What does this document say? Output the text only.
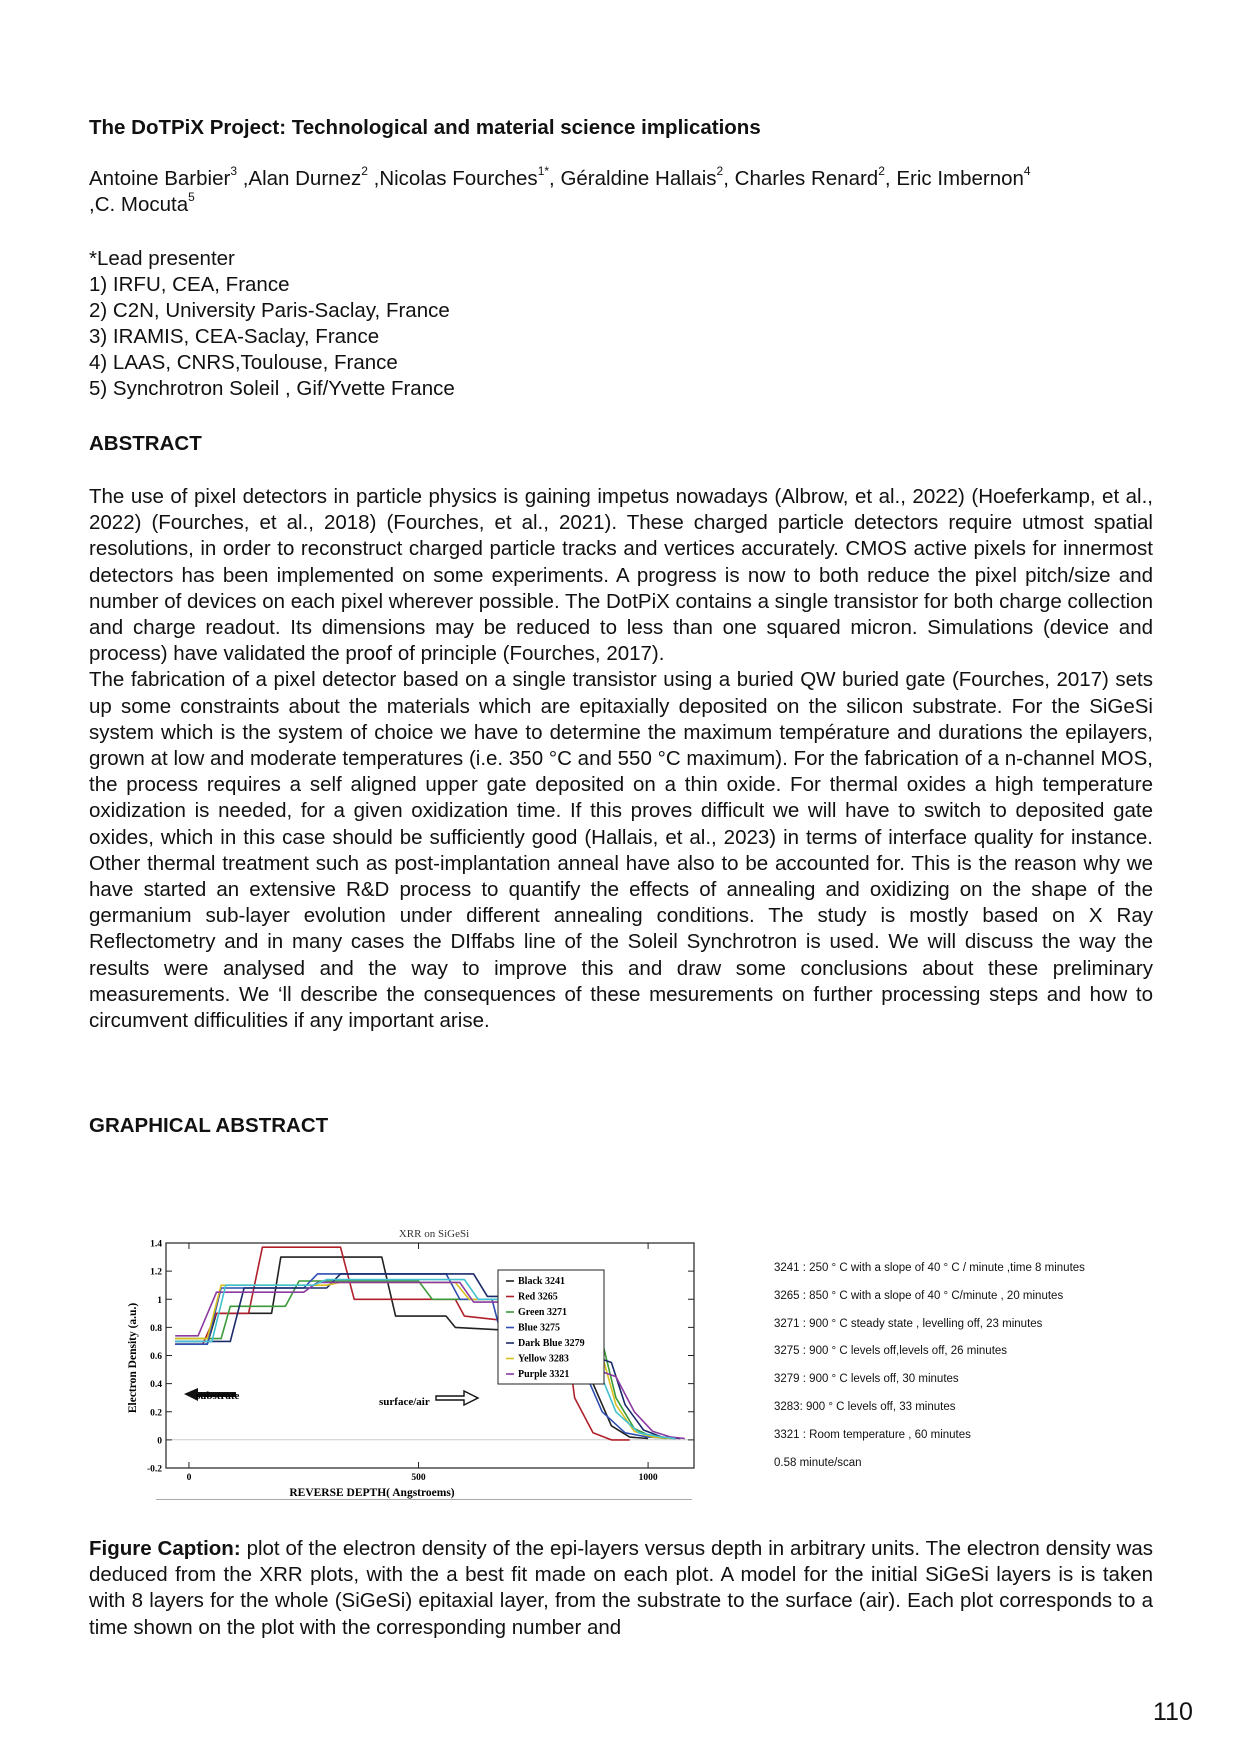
The DoTPiX Project: Technological and material science implications
Antoine Barbier$^3$ ,Alan Durnez$^2$ ,Nicolas Fourches$^{1*}$, Géraldine Hallais$^2$, Charles Renard$^2$, Eric Imbernon$^4$
,C. Mocuta$^5$
*Lead presenter
1) IRFU, CEA, France
2) C2N, University Paris-Saclay, France
3) IRAMIS, CEA-Saclay, France
4) LAAS, CNRS,Toulouse, France
5) Synchrotron Soleil , Gif/Yvette France
ABSTRACT

The use of pixel detectors in particle physics is gaining impetus nowadays (Albrow, et al., 2022) (Hoeferkamp, et al., 2022) (Fourches, et al., 2018) (Fourches, et al., 2021). These charged particle detectors require utmost spatial resolutions, in order to reconstruct charged particle tracks and vertices accurately. CMOS active pixels for innermost detectors has been implemented on some experiments. A progress is now to both reduce the pixel pitch/size and number of devices on each pixel wherever possible. The DotPiX contains a single transistor for both charge collection and charge readout. Its dimensions may be reduced to less than one squared micron. Simulations (device and process) have validated the proof of principle (Fourches, 2017).

The fabrication of a pixel detector based on a single transistor using a buried QW buried gate (Fourches, 2017) sets up some constraints about the materials which are epitaxially deposited on the silicon substrate. For the SiGeSi system which is the system of choice we have to determine the maximum température and durations the epilayers, grown at low and moderate temperatures (i.e. 350 °C and 550 °C maximum). For the fabrication of a n-channel MOS, the process requires a self aligned upper gate deposited on a thin oxide. For thermal oxides a high temperature oxidization is needed, for a given oxidization time. If this proves difficult we will have to switch to deposited gate oxides, which in this case should be sufficiently good (Hallais, et al., 2023) in terms of interface quality for instance. Other thermal treatment such as post-implantation anneal have also to be accounted for. This is the reason why we have started an extensive R&D process to quantify the effects of annealing and oxidizing on the shape of the germanium sub-layer evolution under different annealing conditions. The study is mostly based on X Ray Reflectometry and in many cases the DIffabs line of the Soleil Synchrotron is used. We will discuss the way the results were analysed and the way to improve this and draw some conclusions about these preliminary measurements. We ‘ll describe the consequences of these mesurements on further processing steps and how to circumvent difficulities if any important arise.

GRAPHICAL ABSTRACT
Figure Caption: plot of the electron density of the epi-layers versus depth in arbitrary units. The electron density was deduced from the XRR plots, with the a best fit made on each plot. A model for the initial SiGeSi layers is is taken with 8 layers for the whole (SiGeSi) epitaxial layer, from the substrate to the surface (air). Each plot corresponds to a time shown on the plot with the corresponding number and
XRR on SiGeSi
-0.2
0
0.2
0.4
0.6
0.8
1
1.2
1.4
0	500	1000
Black 3241
Red 3265
Green 3271
Blue 3275
Dark Blue 3279
Yellow 3283
Purple 3321
substrate	surface/air
REVERSE DEPTH( Angstroems)
Electron Density (a.u.)
3241 : 250 ° C with a slope of 40 ° C / minute ,time 8 minutes
3265 : 850 ° C with a slope of 40 ° C/minute , 20 minutes
3271 : 900 ° C steady state , levelling off, 23 minutes
3275 : 900 ° C levels off,levels off, 26 minutes
3279 : 900 ° C levels off, 30 minutes
3283: 900 ° C levels off, 33 minutes
3321 : Room temperature , 60 minutes
0.58 minute/scan
110
